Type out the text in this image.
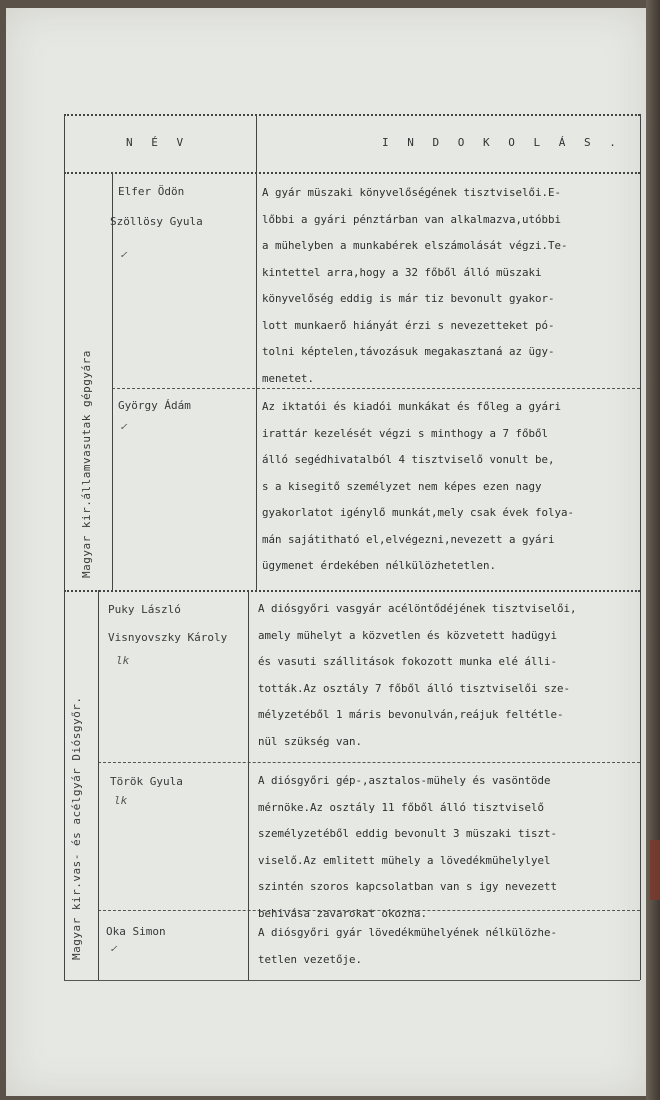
N É V	I N D O K O L Á S .
Magyar kir.államvasutak gépgyára
Magyar kir.vas- és acélgyár Diósgyőr.
Elfer Ödön
Szöllösy Gyula
✓
A gyár müszaki könyvelőségének tisztviselői.E-
lőbbi a gyári pénztárban van alkalmazva,utóbbi
a mühelyben a munkabérek elszámolását végzi.Te-
kintettel arra,hogy a 32 főből álló müszaki
könyvelőség eddig is már tiz bevonult gyakor-
lott munkaerő hiányát érzi s nevezetteket pó-
tolni képtelen,távozásuk megakasztaná az ügy-
menetet.
György Ádám
✓
Az iktatói és kiadói munkákat és főleg a gyári
irattár kezelését végzi s minthogy a 7 főből
álló segédhivatalból 4 tisztviselő vonult be,
s a kisegitő személyzet nem képes ezen nagy
gyakorlatot igénylő munkát,mely csak évek folya-
mán sajátitható el,elvégezni,nevezett a gyári
ügymenet érdekében nélkülözhetetlen.
Puky László
Visnyovszky Károly
lk
A diósgyőri vasgyár acélöntődéjének tisztviselői,
amely mühelyt a közvetlen és közvetett hadügyi
és vasuti szállitások fokozott munka elé álli-
tották.Az osztály 7 főből álló tisztviselői sze-
mélyzetéből 1 máris bevonulván,reájuk feltétle-
nül szükség van.
Török Gyula
lk
A diósgyőri gép-,asztalos-mühely és vasöntöde
mérnöke.Az osztály 11 főből álló tisztviselő
személyzetéből eddig bevonult 3 müszaki tiszt-
viselő.Az emlitett mühely a lövedékmühelylyel
szintén szoros kapcsolatban van s igy nevezett
behivása zavarokat okozna.
Oka Simon
✓
A diósgyőri gyár lövedékmühelyének nélkülözhe-
tetlen vezetője.
